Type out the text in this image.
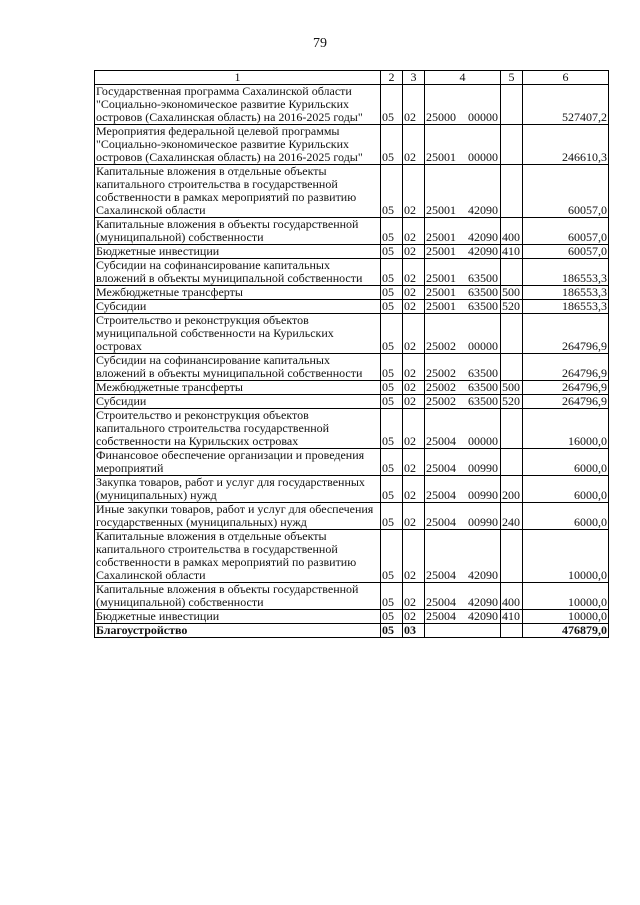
79
1	2	3	4	5	6
Государственная программа Сахалинской области "Социально-экономическое развитие Курильских островов (Сахалинская область) на 2016-2025 годы"	05	02	25000 00000		527407,2
Мероприятия федеральной целевой программы "Социально-экономическое развитие Курильских островов (Сахалинская область) на 2016-2025 годы"	05	02	25001 00000		246610,3
Капитальные вложения в отдельные объекты капитального строительства в государственной собственности в рамках мероприятий по развитию Сахалинской области	05	02	25001 42090		60057,0
Капитальные вложения в объекты государственной (муниципальной) собственности	05	02	25001 42090	400	60057,0
Бюджетные инвестиции	05	02	25001 42090	410	60057,0
Субсидии на софинансирование капитальных вложений в объекты муниципальной собственности	05	02	25001 63500		186553,3
Межбюджетные трансферты	05	02	25001 63500	500	186553,3
Субсидии	05	02	25001 63500	520	186553,3
Строительство и реконструкция объектов муниципальной собственности на Курильских островах	05	02	25002 00000		264796,9
Субсидии на софинансирование капитальных вложений в объекты муниципальной собственности	05	02	25002 63500		264796,9
Межбюджетные трансферты	05	02	25002 63500	500	264796,9
Субсидии	05	02	25002 63500	520	264796,9
Строительство и реконструкция объектов капитального строительства государственной собственности на Курильских островах	05	02	25004 00000		16000,0
Финансовое обеспечение организации и проведения мероприятий	05	02	25004 00990		6000,0
Закупка товаров, работ и услуг для государственных (муниципальных) нужд	05	02	25004 00990	200	6000,0
Иные закупки товаров, работ и услуг для обеспечения государственных (муниципальных) нужд	05	02	25004 00990	240	6000,0
Капитальные вложения в отдельные объекты капитального строительства в государственной собственности в рамках мероприятий по развитию Сахалинской области	05	02	25004 42090		10000,0
Капитальные вложения в объекты государственной (муниципальной) собственности	05	02	25004 42090	400	10000,0
Бюджетные инвестиции	05	02	25004 42090	410	10000,0
Благоустройство	05	03			476879,0
